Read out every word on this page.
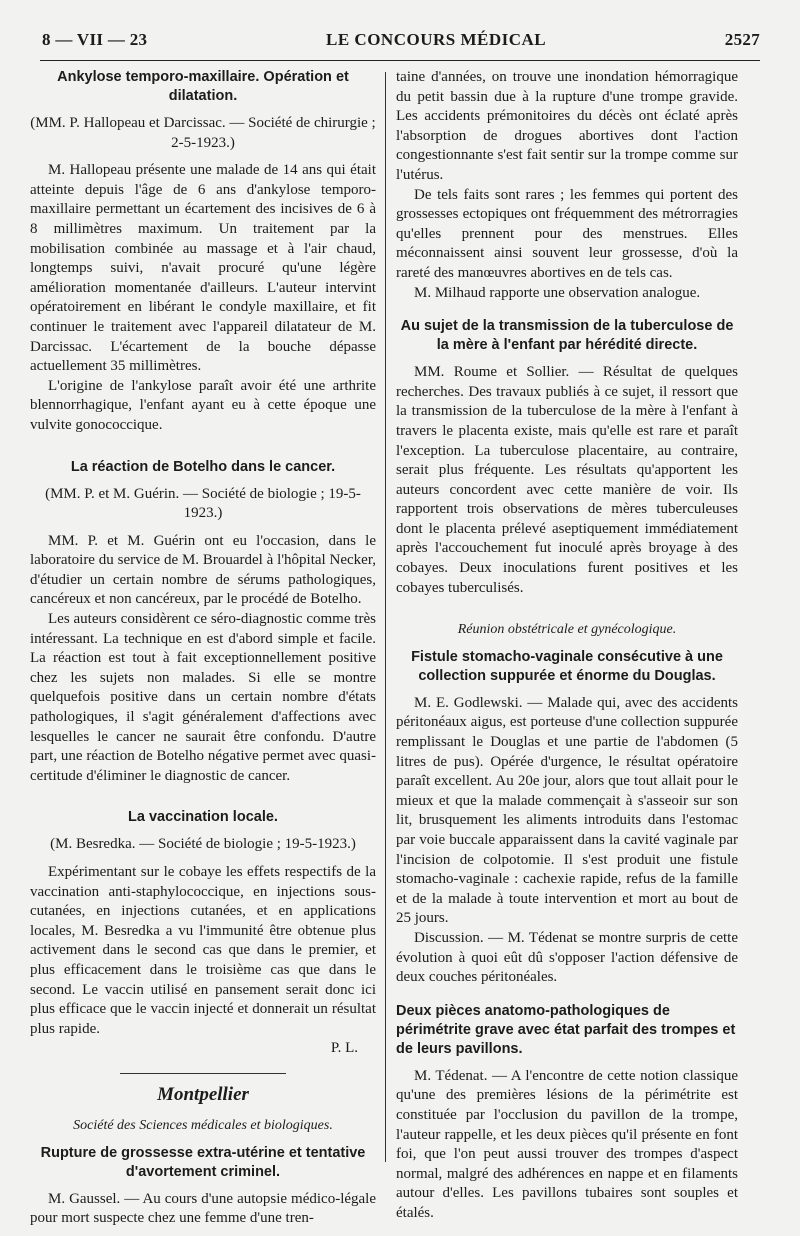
8 — VII — 23	LE CONCOURS MÉDICAL	2527
Ankylose temporo-maxillaire. Opération et dilatation.
(MM. P. Hallopeau et Darcissac. — Société de chirurgie ; 2-5-1923.)

M. Hallopeau présente une malade de 14 ans qui était atteinte depuis l'âge de 6 ans d'ankylose temporo-maxillaire permettant un écartement des incisives de 6 à 8 millimètres maximum. Un traitement par la mobilisation combinée au massage et à l'air chaud, longtemps suivi, n'avait procuré qu'une légère amélioration momentanée d'ailleurs. L'auteur intervint opératoirement en libérant le condyle maxillaire, et fit continuer le traitement avec l'appareil dilatateur de M. Darcissac. L'écartement de la bouche dépasse actuellement 35 millimètres.

L'origine de l'ankylose paraît avoir été une arthrite blennorrhagique, l'enfant ayant eu à cette époque une vulvite gonococcique.

La réaction de Botelho dans le cancer.
(MM. P. et M. Guérin. — Société de biologie ; 19-5-1923.)

MM. P. et M. Guérin ont eu l'occasion, dans le laboratoire du service de M. Brouardel à l'hôpital Necker, d'étudier un certain nombre de sérums pathologiques, cancéreux et non cancéreux, par le procédé de Botelho.

Les auteurs considèrent ce séro-diagnostic comme très intéressant. La technique en est d'abord simple et facile. La réaction est tout à fait exceptionnellement positive chez les sujets non malades. Si elle se montre quelquefois positive dans un certain nombre d'états pathologiques, il s'agit généralement d'affections avec lesquelles le cancer ne saurait être confondu. D'autre part, une réaction de Botelho négative permet avec quasi-certitude d'éliminer le diagnostic de cancer.

La vaccination locale.
(M. Besredka. — Société de biologie ; 19-5-1923.)

Expérimentant sur le cobaye les effets respectifs de la vaccination anti-staphylococcique, en injections sous-cutanées, en injections cutanées, et en applications locales, M. Besredka a vu l'immunité être obtenue plus activement dans le second cas que dans le premier, et plus efficacement dans le troisième cas que dans le second. Le vaccin utilisé en pansement serait donc ici plus efficace que le vaccin injecté et donnerait un résultat plus rapide.

P. L.
Montpellier
Société des Sciences médicales et biologiques.
Rupture de grossesse extra-utérine et tentative d'avortement criminel.

M. Gaussel. — Au cours d'une autopsie médico-légale pour mort suspecte chez une femme d'une tren-

taine d'années, on trouve une inondation hémorragique du petit bassin due à la rupture d'une trompe gravide. Les accidents prémonitoires du décès ont éclaté après l'absorption de drogues abortives dont l'action congestionnante s'est fait sentir sur la trompe comme sur l'utérus.

De tels faits sont rares ; les femmes qui portent des grossesses ectopiques ont fréquemment des métrorragies qu'elles prennent pour des menstrues. Elles méconnaissent ainsi souvent leur grossesse, d'où la rareté des manœuvres abortives en de tels cas.

M. Milhaud rapporte une observation analogue.

Au sujet de la transmission de la tuberculose de la mère à l'enfant par hérédité directe.

MM. Roume et Sollier. — Résultat de quelques recherches. Des travaux publiés à ce sujet, il ressort que la transmission de la tuberculose de la mère à l'enfant à travers le placenta existe, mais qu'elle est rare et paraît l'exception. La tuberculose placentaire, au contraire, serait plus fréquente. Les résultats qu'apportent les auteurs concordent avec cette manière de voir. Ils rapportent trois observations de mères tuberculeuses dont le placenta prélevé aseptiquement immédiatement après l'accouchement fut inoculé après broyage à des cobayes. Deux inoculations furent positives et les cobayes tuberculisés.

Réunion obstétricale et gynécologique.
Fistule stomacho-vaginale consécutive à une collection suppurée et énorme du Douglas.

M. E. Godlewski. — Malade qui, avec des accidents péritonéaux aigus, est porteuse d'une collection suppurée remplissant le Douglas et une partie de l'abdomen (5 litres de pus). Opérée d'urgence, le résultat opératoire paraît excellent. Au 20e jour, alors que tout allait pour le mieux et que la malade commençait à s'asseoir sur son lit, brusquement les aliments introduits dans l'estomac par voie buccale apparaissent dans la cavité vaginale par l'incision de colpotomie. Il s'est produit une fistule stomacho-vaginale : cachexie rapide, refus de la famille et de la malade à toute intervention et mort au bout de 25 jours.

Discussion. — M. Tédenat se montre surpris de cette évolution à quoi eût dû s'opposer l'action défensive de deux couches péritonéales.

Deux pièces anatomo-pathologiques de périmétrite grave avec état parfait des trompes et de leurs pavillons.

M. Tédenat. — A l'encontre de cette notion classique qu'une des premières lésions de la périmétrite est constituée par l'occlusion du pavillon de la trompe, l'auteur rappelle, et les deux pièces qu'il présente en font foi, que l'on peut aussi trouver des trompes d'aspect normal, malgré des adhérences en nappe et en filaments autour d'elles. Les pavillons tubaires sont souples et étalés.
